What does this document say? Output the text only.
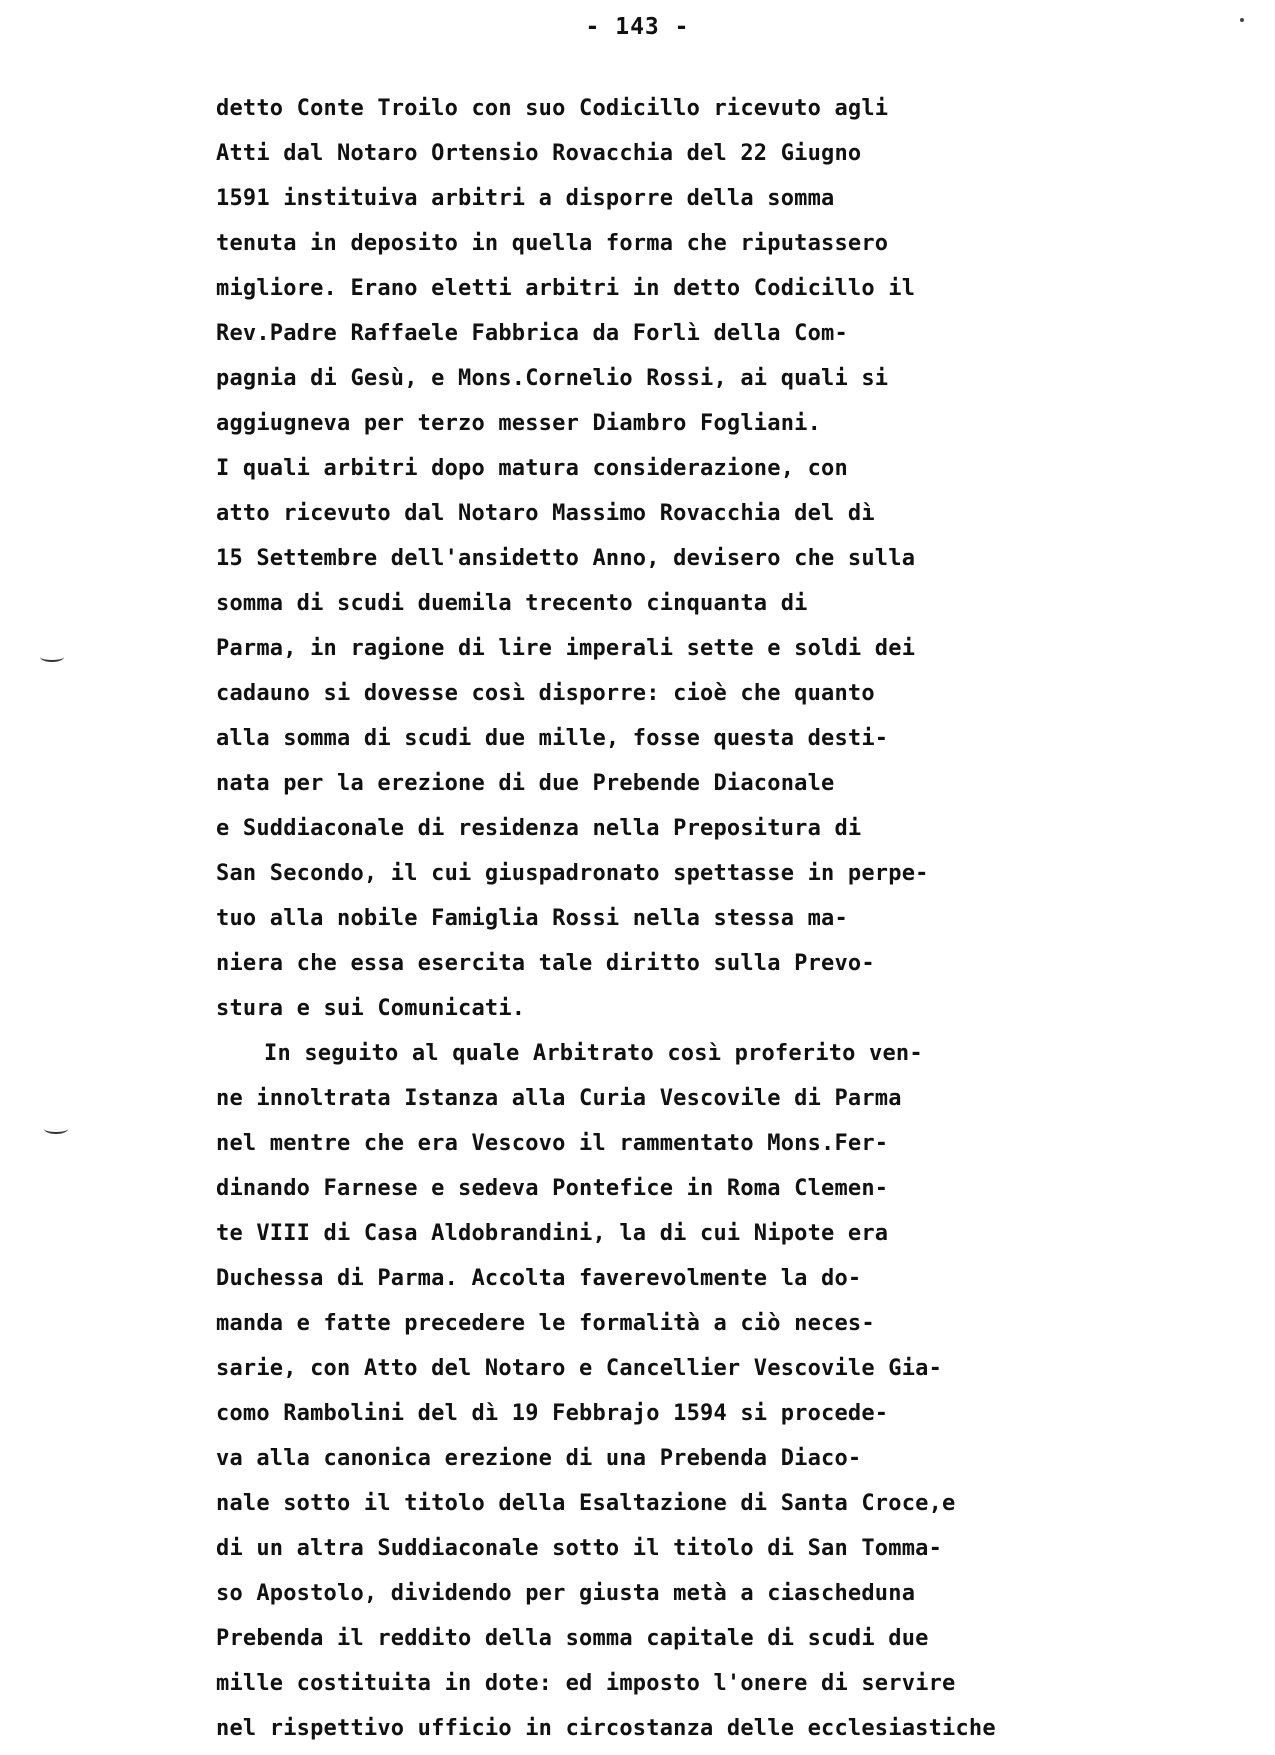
- 143 -
detto Conte Troilo con suo Codicillo ricevuto agli
Atti dal Notaro Ortensio Rovacchia del 22 Giugno
1591 instituiva arbitri a disporre della somma
tenuta in deposito in quella forma che riputassero
migliore. Erano eletti arbitri in detto Codicillo il
Rev.Padre Raffaele Fabbrica da Forlì della Com-
pagnia di Gesù, e Mons.Cornelio Rossi, ai quali si
aggiugneva per terzo messer Diambro Fogliani.
I quali arbitri dopo matura considerazione, con
atto ricevuto dal Notaro Massimo Rovacchia del dì
15 Settembre dell'ansidetto Anno, devisero che sulla
somma di scudi duemila trecento cinquanta di
Parma, in ragione di lire imperali sette e soldi dei
cadauno si dovesse così disporre: cioè che quanto
alla somma di scudi due mille, fosse questa desti-
nata per la erezione di due Prebende Diaconale
e Suddiaconale di residenza nella Prepositura di
San Secondo, il cui giuspadronato spettasse in perpe-
tuo alla nobile Famiglia Rossi nella stessa ma-
niera che essa esercita tale diritto sulla Prevo-
stura e sui Comunicati.
In seguito al quale Arbitrato così proferito ven-
ne innoltrata Istanza alla Curia Vescovile di Parma
nel mentre che era Vescovo il rammentato Mons.Fer-
dinando Farnese e sedeva Pontefice in Roma Clemen-
te VIII di Casa Aldobrandini, la di cui Nipote era
Duchessa di Parma. Accolta faverevolmente la do-
manda e fatte precedere le formalità a ciò neces-
sarie, con Atto del Notaro e Cancellier Vescovile Gia-
como Rambolini del dì 19 Febbrajo 1594 si procede-
va alla canonica erezione di una Prebenda Diaco-
nale sotto il titolo della Esaltazione di Santa Croce,e
di un altra Suddiaconale sotto il titolo di San Tomma-
so Apostolo, dividendo per giusta metà a ciascheduna
Prebenda il reddito della somma capitale di scudi due
mille costituita in dote: ed imposto l'onere di servire
nel rispettivo ufficio in circostanza delle ecclesiastiche
